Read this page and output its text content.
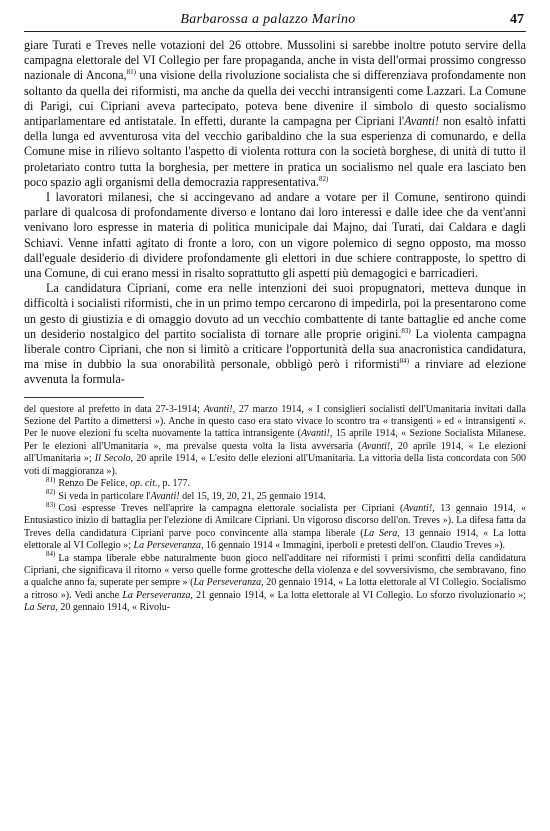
Barbarossa a palazzo Marino	47

giare Turati e Treves nelle votazioni del 26 ottobre. Mussolini si sarebbe inoltre potuto servire della campagna elettorale del VI Collegio per fare propaganda, anche in vista dell'ormai prossimo congresso nazionale di Ancona,$^{81)}$ una visione della rivoluzione socialista che si differenziava profondamente non soltanto da quella dei riformisti, ma anche da quella dei vecchi intransigenti come Lazzari. La Comune di Parigi, cui Cipriani aveva partecipato, poteva bene divenire il simbolo di questo socialismo antiparlamentare ed antistatale. In effetti, durante la campagna per Cipriani l'Avanti! non esaltò infatti della lunga ed avventurosa vita del vecchio garibaldino che la sua esperienza di comunardo, e della Comune mise in rilievo soltanto l'aspetto di violenta rottura con la società borghese, di unità di tutto il proletariato contro tutta la borghesia, per mettere in pratica un socialismo nel quale era lasciato ben poco spazio agli organismi della democrazia rappresentativa.$^{82)}$

I lavoratori milanesi, che si accingevano ad andare a votare per il Comune, sentirono quindi parlare di qualcosa di profondamente diverso e lontano dai loro interessi e dalle idee che da vent'anni venivano loro espresse in materia di politica municipale dai Majno, dai Turati, dai Caldara e dagli Schiavi. Venne infatti agitato di fronte a loro, con un vigore polemico di segno opposto, ma mosso dall'eguale desiderio di dividere profondamente gli elettori in due schiere contrapposte, lo spettro di una Comune, di cui erano messi in risalto soprattutto gli aspetti più demagogici e barricadieri.

La candidatura Cipriani, come era nelle intenzioni dei suoi propugnatori, metteva dunque in difficoltà i socialisti riformisti, che in un primo tempo cercarono di impedirla, poi la presentarono come un gesto di giustizia e di omaggio dovuto ad un vecchio combattente di tante battaglie ed anche come un desiderio nostalgico del partito socialista di tornare alle proprie origini.$^{83)}$ La violenta campagna liberale contro Cipriani, che non si limitò a criticare l'opportunità della sua anacronistica candidatura, ma mise in dubbio la sua onorabilità personale, obbligò però i riformisti$^{84)}$ a rinviare ad elezione avvenuta la formula-

del questore al prefetto in data 27-3-1914; Avanti!, 27 marzo 1914, « I consiglieri socialisti dell'Umanitaria invitati dalla Sezione del Partito a dimettersi »). Anche in questo caso era stato vivace lo scontro tra « transigenti » ed « intransigenti ». Per le nuove elezioni fu scelta nuovamente la tattica intransigente (Avanti!, 15 aprile 1914, « Sezione Socialista Milanese. Per le elezioni all'Umanitaria », ma prevalse questa volta la lista avversaria (Avanti!, 20 aprile 1914, « Le elezioni all'Umanitaria »; Il Secolo, 20 aprile 1914, « L'esito delle elezioni all'Umanitaria. La vittoria della lista concordata con 500 voti di maggioranza »).

$^{81)}$ Renzo De Felice, op. cit., p. 177.

$^{82)}$ Si veda in particolare l'Avanti! del 15, 19, 20, 21, 25 gennaio 1914.

$^{83)}$ Così espresse Treves nell'aprire la campagna elettorale socialista per Cipriani (Avanti!, 13 gennaio 1914, « Entusiastico inizio di battaglia per l'elezione di Amilcare Cipriani. Un vigoroso discorso dell'on. Treves »). La difesa fatta da Treves della candidatura Cipriani parve poco convincente alla stampa liberale (La Sera, 13 gennaio 1914, « La lotta elettorale al VI Collegio »; La Perseveranza, 16 gennaio 1914 « Immagini, iperboli e pretesti dell'on. Claudio Treves »).

$^{84)}$ La stampa liberale ebbe naturalmente buon gioco nell'additare nei riformisti i primi sconfitti della candidatura Cipriani, che significava il ritorno « verso quelle forme grottesche della violenza e del sovversivismo, che sembravano, fino a qualche anno fa, superate per sempre » (La Perseveranza, 20 gennaio 1914, « La lotta elettorale al VI Collegio. Socialismo a ritroso »). Vedi anche La Perseveranza, 21 gennaio 1914, « La lotta elettorale al VI Collegio. Lo sforzo rivoluzionario »; La Sera, 20 gennaio 1914, « Rivolu-
